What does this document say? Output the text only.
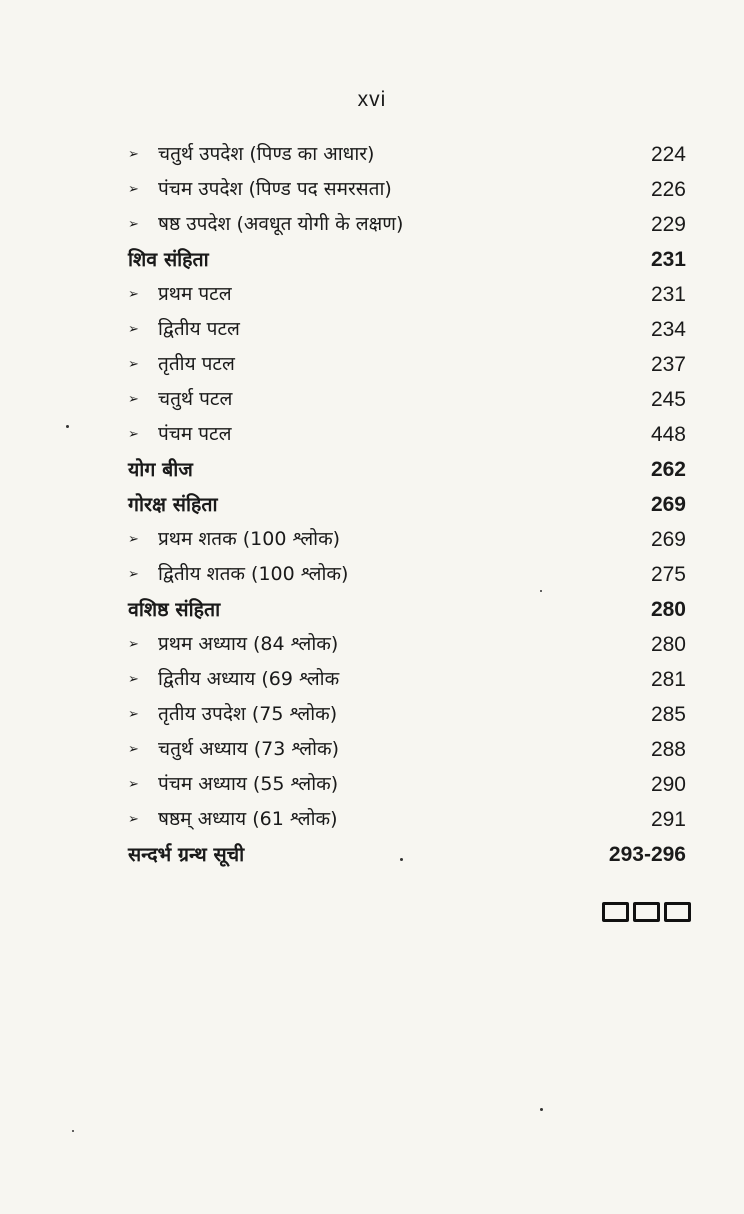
xvi
➢	चतुर्थ उपदेश (पिण्ड का आधार)	224
➢	पंचम उपदेश (पिण्ड पद समरसता)	226
➢	षष्ठ उपदेश (अवधूत योगी के लक्षण)	229
शिव संहिता	231
➢	प्रथम पटल	231
➢	द्वितीय पटल	234
➢	तृतीय पटल	237
➢	चतुर्थ पटल	245
➢	पंचम पटल	448
योग बीज	262
गोरक्ष संहिता	269
➢	प्रथम शतक (100 श्लोक)	269
➢	द्वितीय शतक (100 श्लोक)	275
वशिष्ठ संहिता	280
➢	प्रथम अध्याय (84 श्लोक)	280
➢	द्वितीय अध्याय (69 श्लोक	281
➢	तृतीय उपदेश (75 श्लोक)	285
➢	चतुर्थ अध्याय (73 श्लोक)	288
➢	पंचम अध्याय (55 श्लोक)	290
➢	षष्ठम् अध्याय (61 श्लोक)	291
सन्दर्भ ग्रन्थ सूची	293-296
